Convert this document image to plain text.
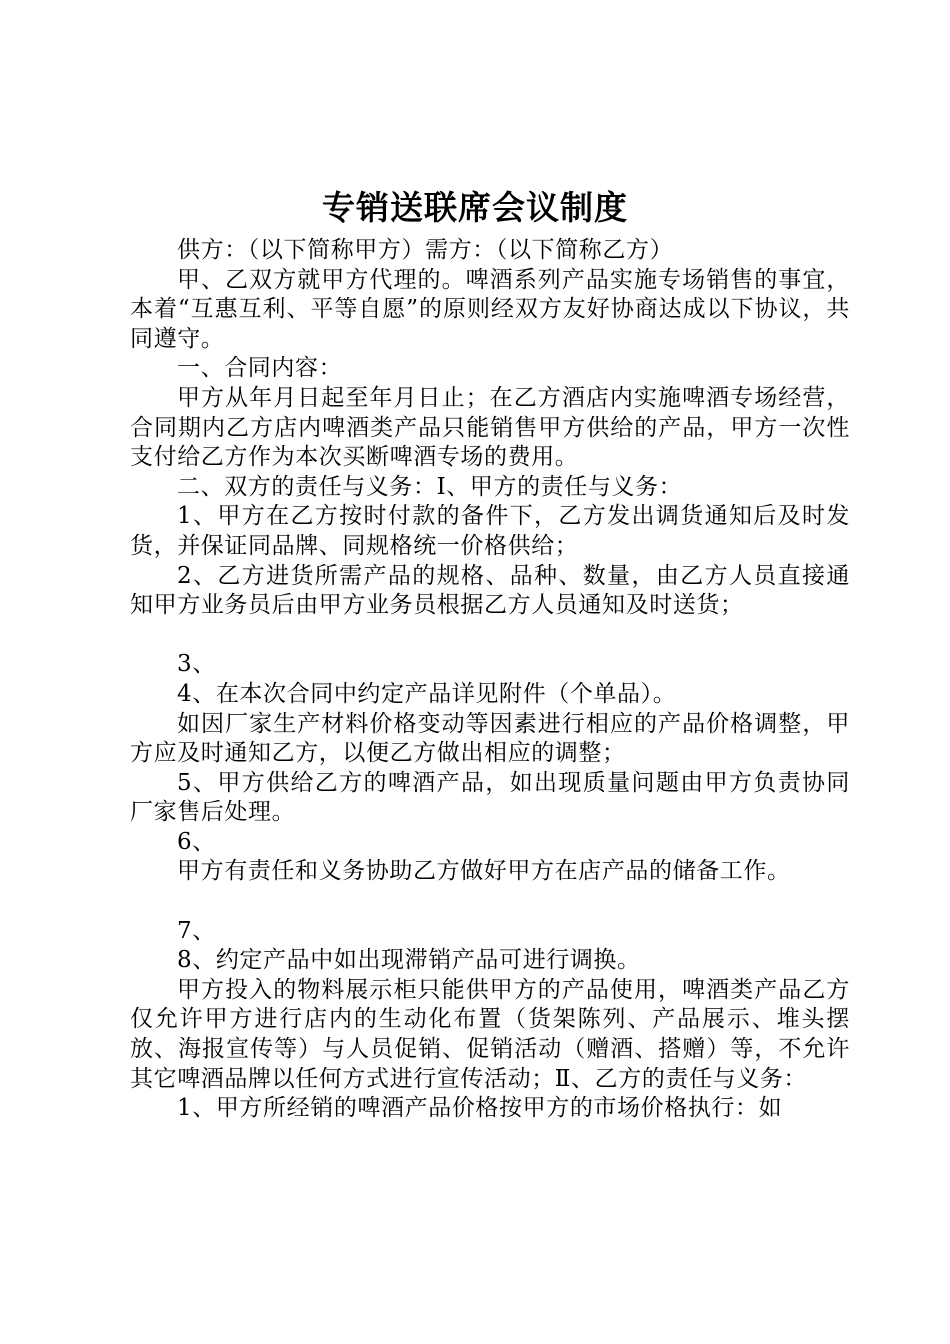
专销送联席会议制度

供方：（以下简称甲方）需方：（以下简称乙方）

甲、乙双方就甲方代理的。啤酒系列产品实施专场销售的事宜，本着“互惠互利、平等自愿”的原则经双方友好协商达成以下协议，共同遵守。

一、合同内容：

甲方从年月日起至年月日止；在乙方酒店内实施啤酒专场经营，合同期内乙方店内啤酒类产品只能销售甲方供给的产品，甲方一次性支付给乙方作为本次买断啤酒专场的费用。

二、双方的责任与义务：Ⅰ、甲方的责任与义务：

1、甲方在乙方按时付款的备件下，乙方发出调货通知后及时发货，并保证同品牌、同规格统一价格供给；

2、乙方进货所需产品的规格、品种、数量，由乙方人员直接通知甲方业务员后由甲方业务员根据乙方人员通知及时送货；

3、

4、在本次合同中约定产品详见附件（个单品）。

如因厂家生产材料价格变动等因素进行相应的产品价格调整，甲方应及时通知乙方，以便乙方做出相应的调整；

5、甲方供给乙方的啤酒产品，如出现质量问题由甲方负责协同厂家售后处理。

6、

甲方有责任和义务协助乙方做好甲方在店产品的储备工作。

7、

8、约定产品中如出现滞销产品可进行调换。

甲方投入的物料展示柜只能供甲方的产品使用，啤酒类产品乙方仅允许甲方进行店内的生动化布置（货架陈列、产品展示、堆头摆放、海报宣传等）与人员促销、促销活动（赠酒、搭赠）等，不允许其它啤酒品牌以任何方式进行宣传活动；Ⅱ、乙方的责任与义务：

1、甲方所经销的啤酒产品价格按甲方的市场价格执行：如
